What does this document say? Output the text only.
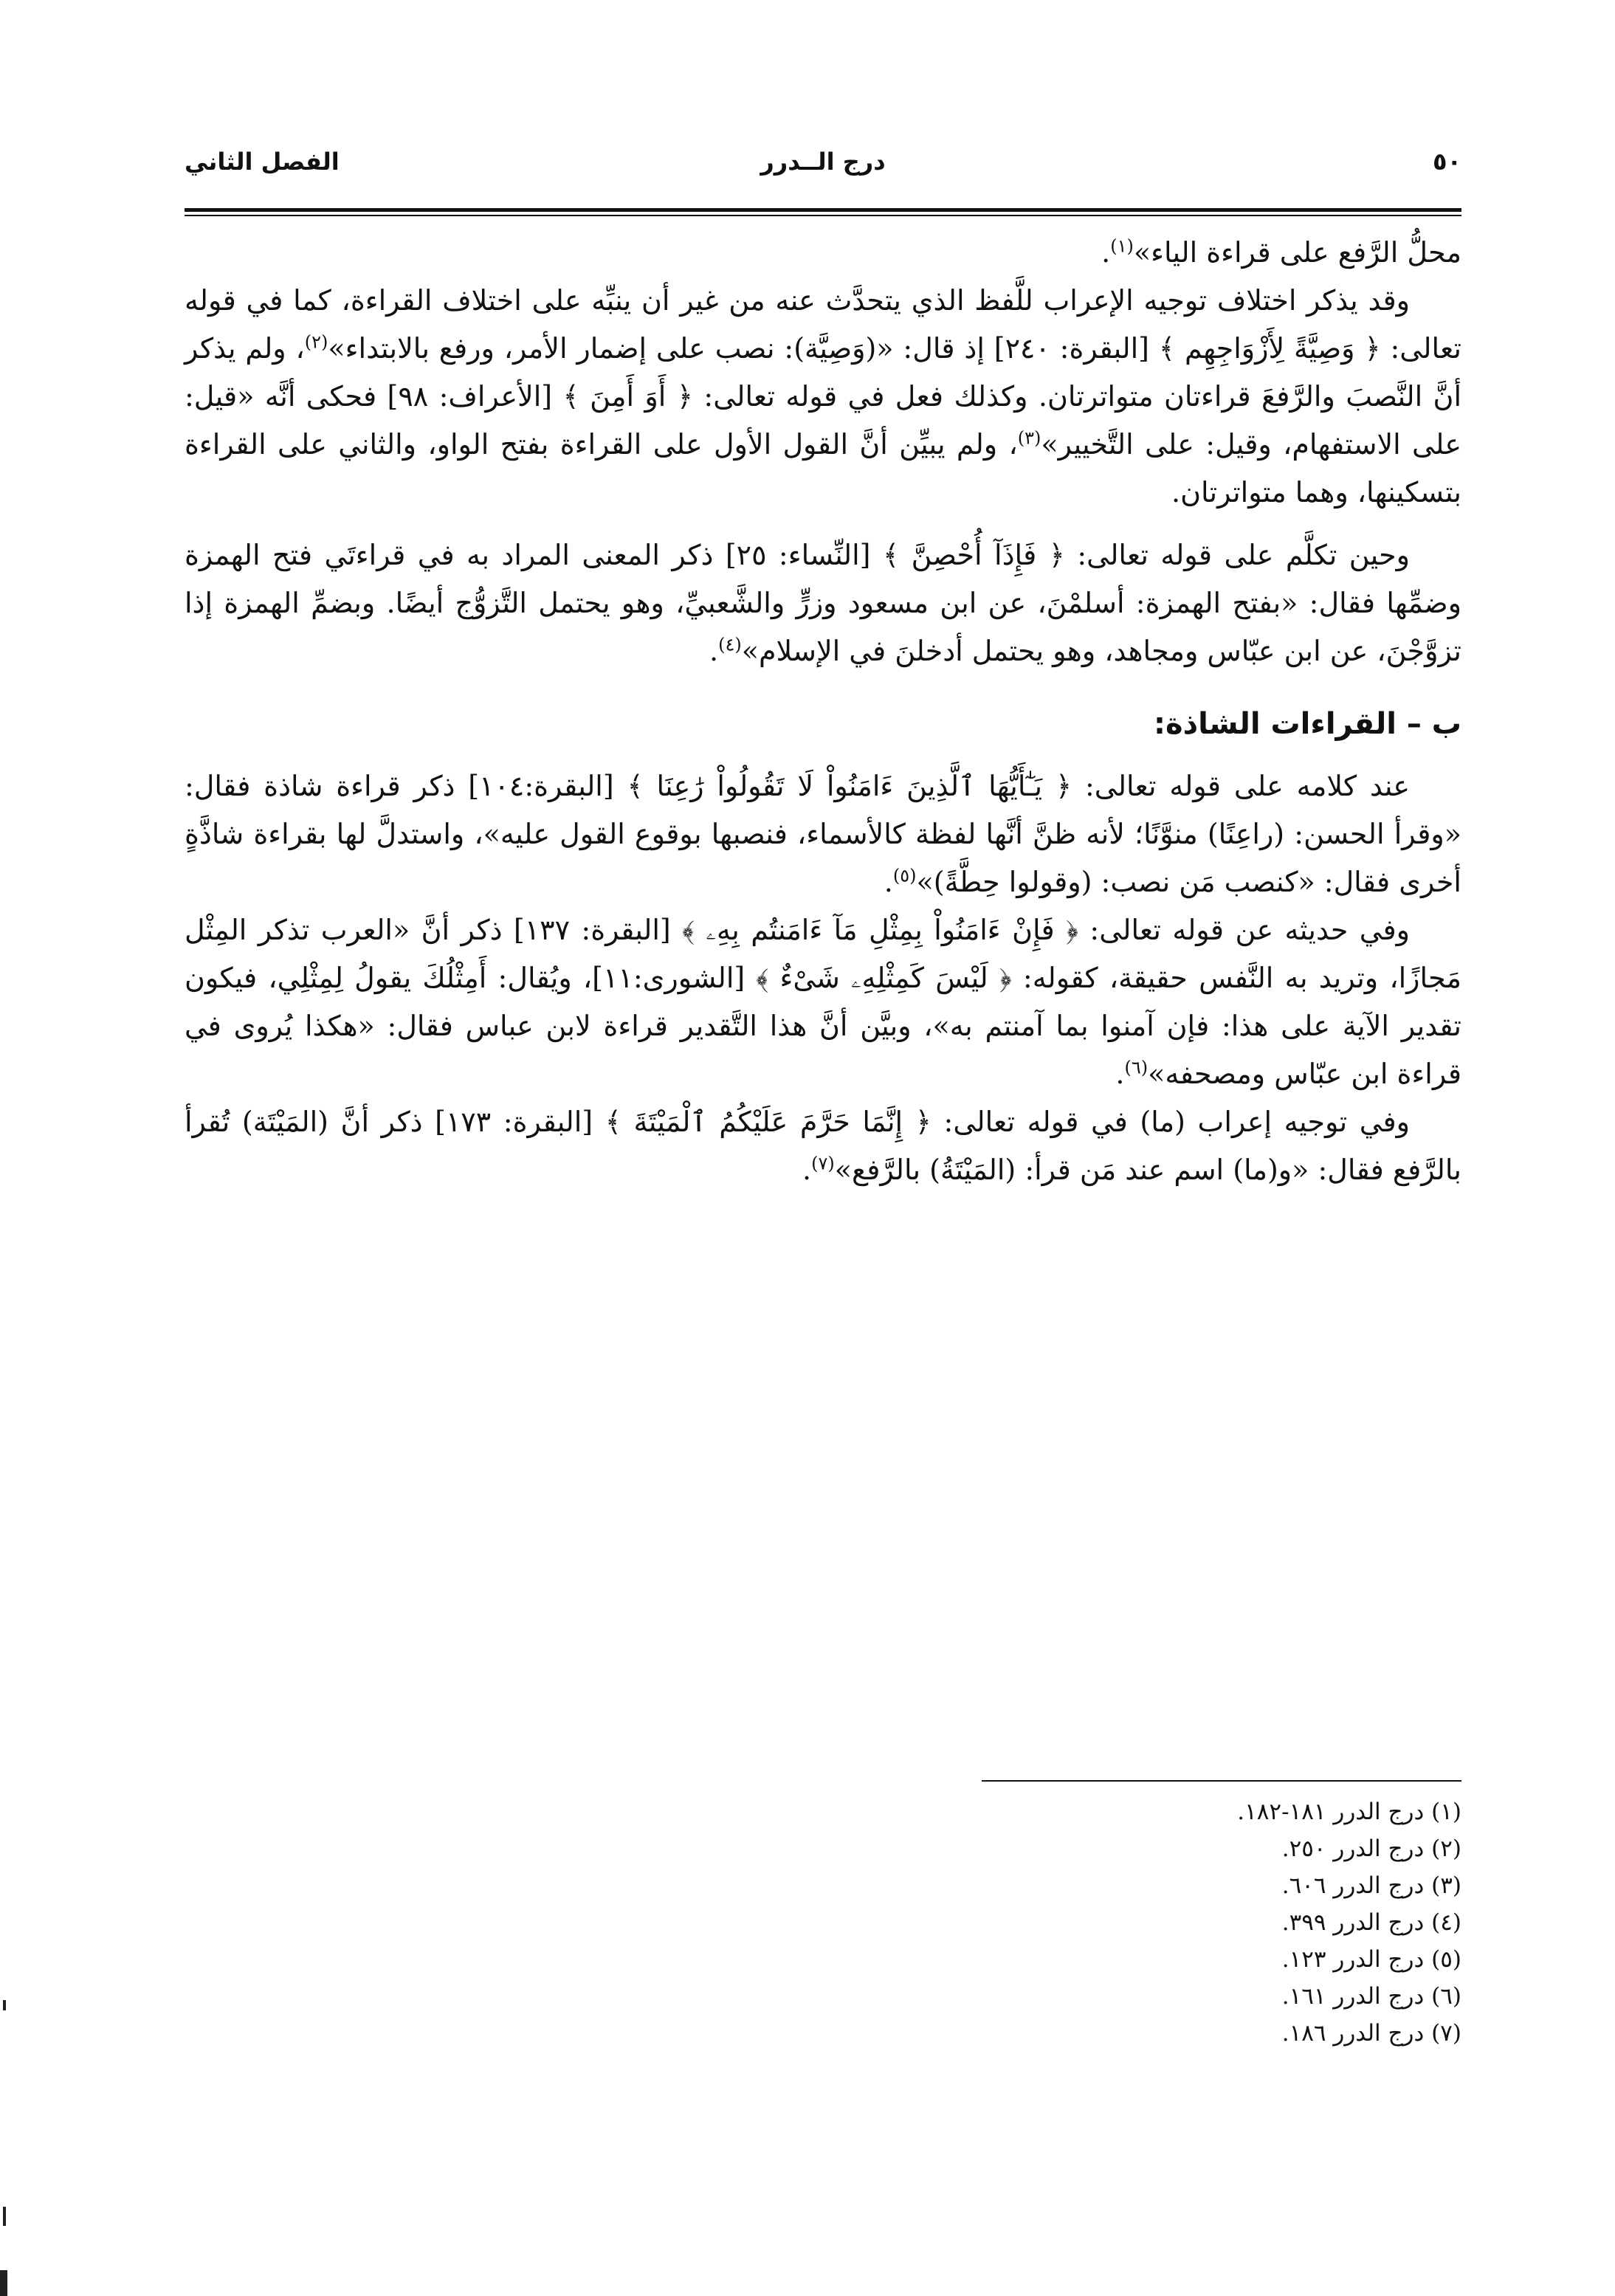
٥٠
درج الــدرر
الفصل الثاني

محلُّ الرَّفع على قراءة الياء»$^{(١)}$.

وقد يذكر اختلاف توجيه الإعراب للَّفظ الذي يتحدَّث عنه من غير أن ينبِّه على اختلاف القراءة، كما في قوله تعالى: ﴿ وَصِيَّةً لِأَزْوَاجِهِم ﴾ [البقرة: ٢٤٠] إذ قال: «(وَصِيَّة): نصب على إضمار الأمر، ورفع بالابتداء»$^{(٢)}$، ولم يذكر أنَّ النَّصبَ والرَّفعَ قراءتان متواترتان. وكذلك فعل في قوله تعالى: ﴿ أَوَ أَمِنَ ﴾ [الأعراف: ٩٨] فحكى أنَّه «قيل: على الاستفهام، وقيل: على التَّخيير»$^{(٣)}$، ولم يبيِّن أنَّ القول الأول على القراءة بفتح الواو، والثاني على القراءة بتسكينها، وهما متواترتان.

وحين تكلَّم على قوله تعالى: ﴿ فَإِذَآ أُحْصِنَّ ﴾ [النِّساء: ٢٥] ذكر المعنى المراد به في قراءتَي فتح الهمزة وضمِّها فقال: «بفتح الهمزة: أسلمْنَ، عن ابن مسعود وزرٍّ والشَّعبيِّ، وهو يحتمل التَّزوُّج أيضًا. وبضمِّ الهمزة إذا تزوَّجْنَ، عن ابن عبّاس ومجاهد، وهو يحتمل أدخلنَ في الإسلام»$^{(٤)}$.

ب – القراءات الشاذة:

عند كلامه على قوله تعالى: ﴿ يَـٰٓأَيُّهَا ٱلَّذِينَ ءَامَنُواْ لَا تَقُولُواْ رَٰعِنَا ﴾ [البقرة:١٠٤] ذكر قراءة شاذة فقال: «وقرأ الحسن: (راعِنًا) منوَّنًا؛ لأنه ظنَّ أنَّها لفظة كالأسماء، فنصبها بوقوع القول عليه»، واستدلَّ لها بقراءة شاذَّةٍ أخرى فقال: «كنصب مَن نصب: (وقولوا حِطَّةً)»$^{(٥)}$.

وفي حديثه عن قوله تعالى: ﴿ فَإِنْ ءَامَنُواْ بِمِثْلِ مَآ ءَامَنتُم بِهِۦ ﴾ [البقرة: ١٣٧] ذكر أنَّ «العرب تذكر المِثْل مَجازًا، وتريد به النَّفس حقيقة، كقوله: ﴿ لَيْسَ كَمِثْلِهِۦ شَىْءٌ ﴾ [الشورى:١١]، ويُقال: أَمِثْلُكَ يقولُ لِمِثْلِي، فيكون تقدير الآية على هذا: فإن آمنوا بما آمنتم به»، وبيَّن أنَّ هذا التَّقدير قراءة لابن عباس فقال: «هكذا يُروى في قراءة ابن عبّاس ومصحفه»$^{(٦)}$.

وفي توجيه إعراب (ما) في قوله تعالى: ﴿ إِنَّمَا حَرَّمَ عَلَيْكُمُ ٱلْمَيْتَةَ ﴾ [البقرة: ١٧٣] ذكر أنَّ (المَيْتَة) تُقرأ بالرَّفع فقال: «و(ما) اسم عند مَن قرأ: (المَيْتَةُ) بالرَّفع»$^{(٧)}$.

(١) درج الدرر ١٨١-١٨٢.

(٢) درج الدرر ٢٥٠.

(٣) درج الدرر ٦٠٦.

(٤) درج الدرر ٣٩٩.

(٥) درج الدرر ١٢٣.

(٦) درج الدرر ١٦١.

(٧) درج الدرر ١٨٦.
